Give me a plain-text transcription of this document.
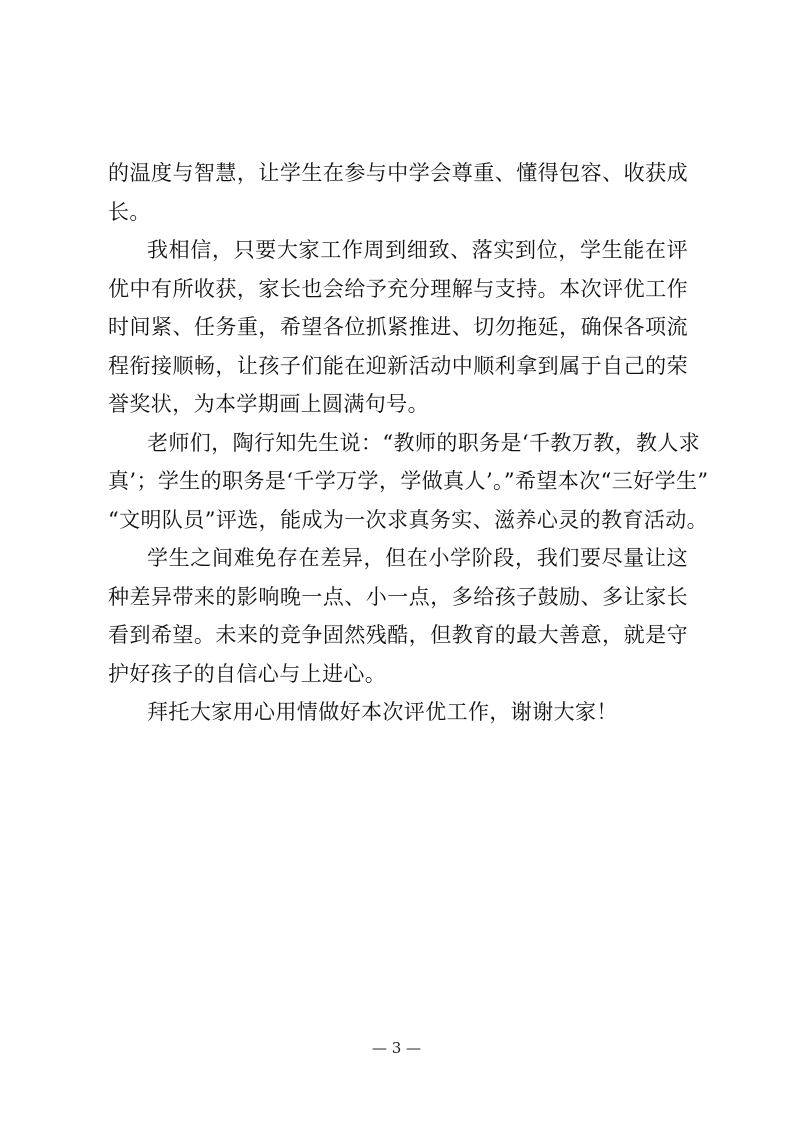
的温度与智慧，让学生在参与中学会尊重、懂得包容、收获成
长。
我相信，只要大家工作周到细致、落实到位，学生能在评
优中有所收获，家长也会给予充分理解与支持。本次评优工作
时间紧、任务重，希望各位抓紧推进、切勿拖延，确保各项流
程衔接顺畅，让孩子们能在迎新活动中顺利拿到属于自己的荣
誉奖状，为本学期画上圆满句号。
老师们，陶行知先生说：“教师的职务是‘千教万教，教人求
真’；学生的职务是‘千学万学，学做真人’。”希望本次“三好学生”
“文明队员”评选，能成为一次求真务实、滋养心灵的教育活动。
学生之间难免存在差异，但在小学阶段，我们要尽量让这
种差异带来的影响晚一点、小一点，多给孩子鼓励、多让家长
看到希望。未来的竞争固然残酷，但教育的最大善意，就是守
护好孩子的自信心与上进心。
拜托大家用心用情做好本次评优工作，谢谢大家！
— 3 —
